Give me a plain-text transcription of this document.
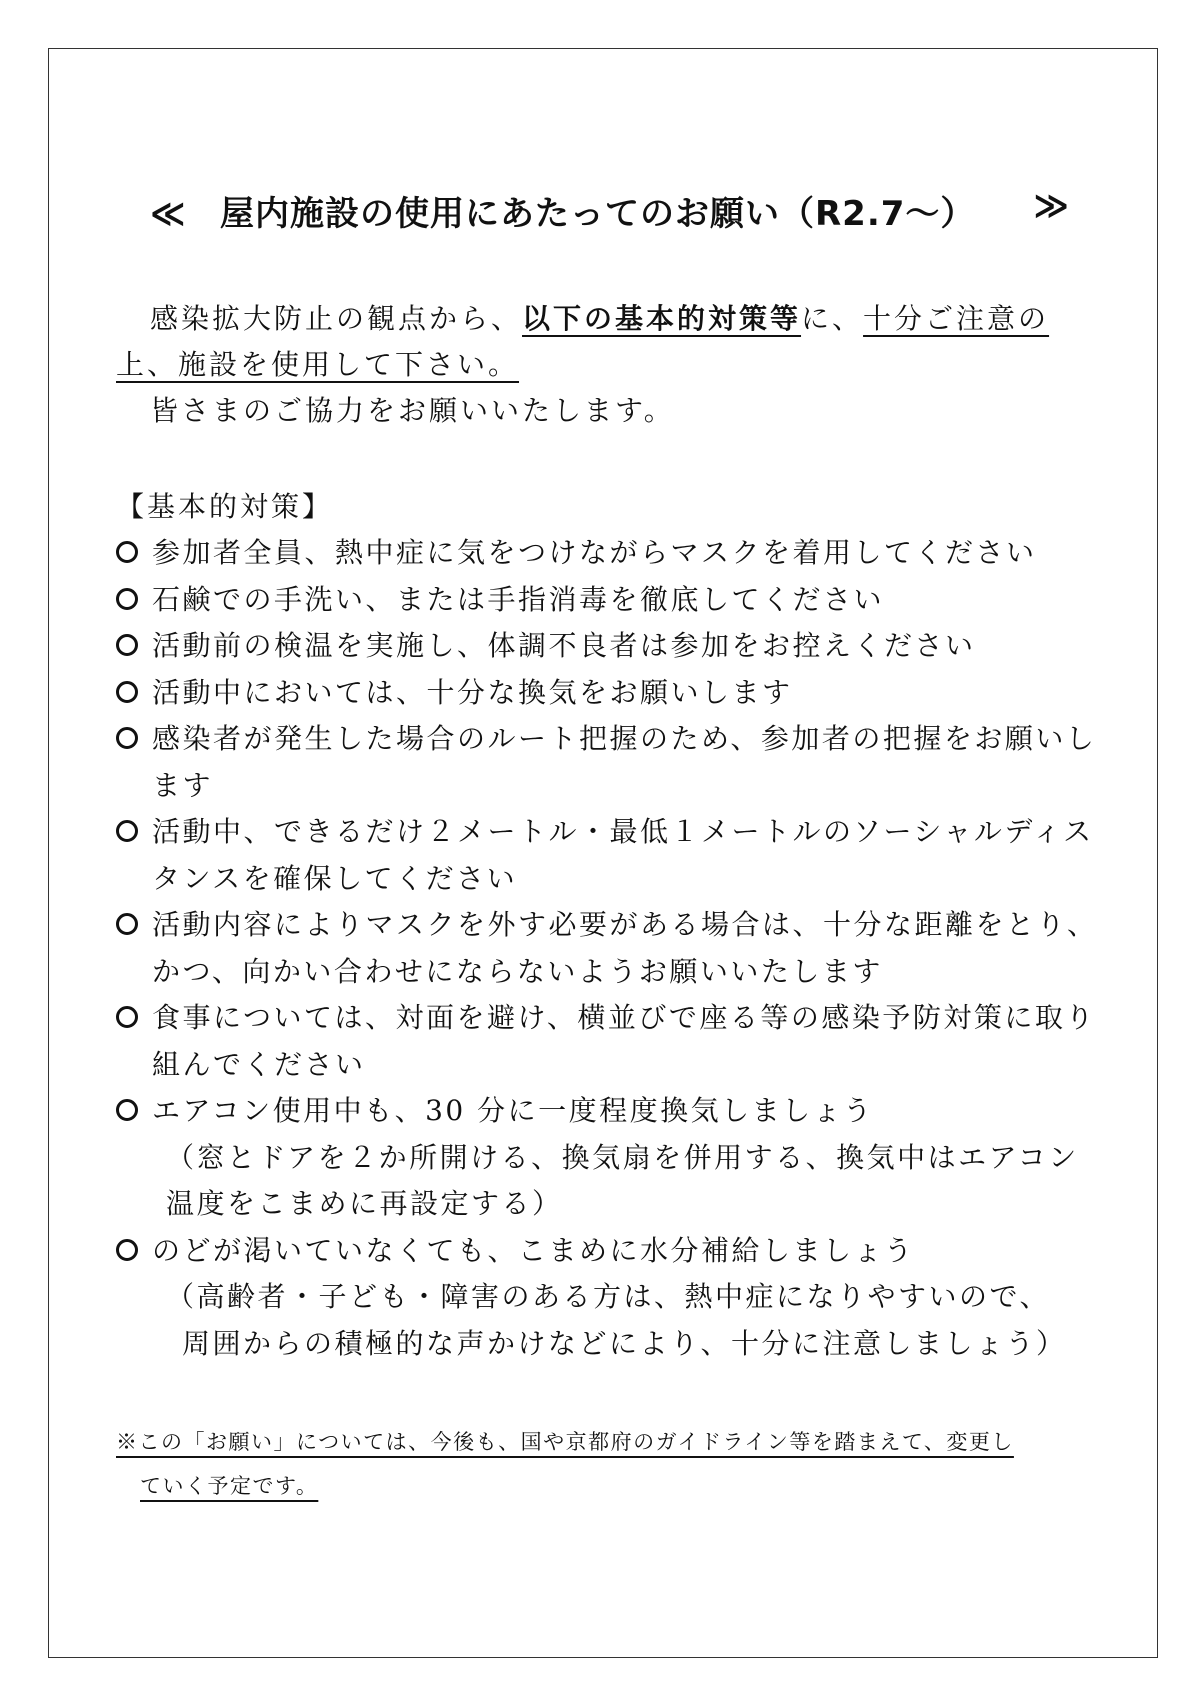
≪ 屋内施設の使用にあたってのお願い（R2.7～） ≫

感染拡大防止の観点から、以下の基本的対策等に、十分ご注意の

上、施設を使用して下さい。

皆さまのご協力をお願いいたします。

【基本的対策】
参加者全員、熱中症に気をつけながらマスクを着用してください
石鹸での手洗い、または手指消毒を徹底してください
活動前の検温を実施し、体調不良者は参加をお控えください
活動中においては、十分な換気をお願いします
感染者が発生した場合のルート把握のため、参加者の把握をお願いします
活動中、できるだけ２メートル・最低１メートルのソーシャルディスタンスを確保してください
活動内容によりマスクを外す必要がある場合は、十分な距離をとり、かつ、向かい合わせにならないようお願いいたします
食事については、対面を避け、横並びで座る等の感染予防対策に取り組んでください
エアコン使用中も、30 分に一度程度換気しましょう
（窓とドアを２か所開ける、換気扇を併用する、換気中はエアコン温度をこまめに再設定する）
のどが渇いていなくても、こまめに水分補給しましょう
（高齢者・子ども・障害のある方は、熱中症になりやすいので、
周囲からの積極的な声かけなどにより、十分に注意しましょう）

※この「お願い」については、今後も、国や京都府のガイドライン等を踏まえて、変更し

ていく予定です。
